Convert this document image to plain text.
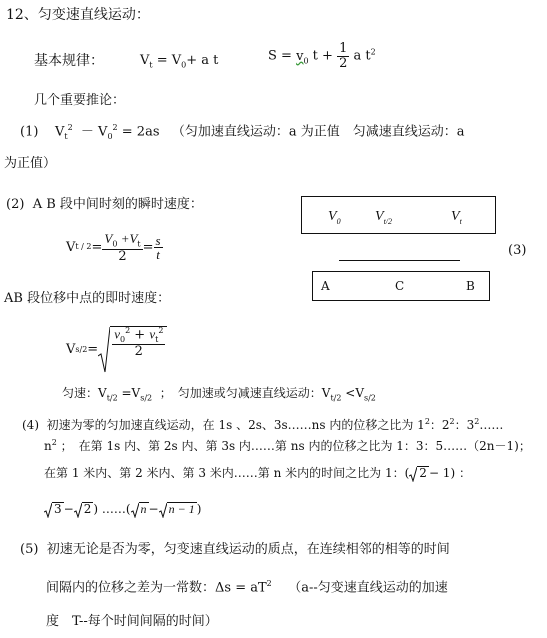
12、匀变速直线运动：
基本规律：	$V_t = V_0+ a$ t	$S = v_0$ $t + \frac{1}{2}$ a $t^2$
几个重要推论：
(1) $V_t^2 - V_0^2 = 2as$ （匀加速直线运动：a 为正值　匀减速直线运动：a
为正值）
(2) A B 段中间时刻的瞬时速度：
V $t / 2 = \frac{V_0 +V_t}{2} = \frac{s}{t}$
$V_0$ $V_{t/2}$	$V_t$
A	C	B
(3)
AB 段位移中点的即时速度：
V $s/2 = \frac{v_0^2 + v_t^2}{2}$
匀速：$V_{t/2} =V_{s/2}$ ；　匀加速或匀减速直线运动：$V_{t/2} <V_{s/2}$
(4) 初速为零的匀加速直线运动，在 1s 、2s、3s……ns 内的位移之比为 $1^2$：$2^2$：$3^2\dots\dots$
$n^2$ ；　在第 1s 内、第 2s 内、第 3s 内……第 ns 内的位移之比为 1：3：5……（2n－1)；
在第 1 米内、第 2 米内、第 3 米内……第 n 米内的时间之比为 1：( 2 − 1) ：
3 − 2 ) ……( n − n − 1 )
(5) 初速无论是否为零，匀变速直线运动的质点，在连续相邻的相等的时间
间隔内的位移之差为一常数：$\Delta s = aT^2$ （a--匀变速直线运动的加速
度　T--每个时间间隔的时间）
